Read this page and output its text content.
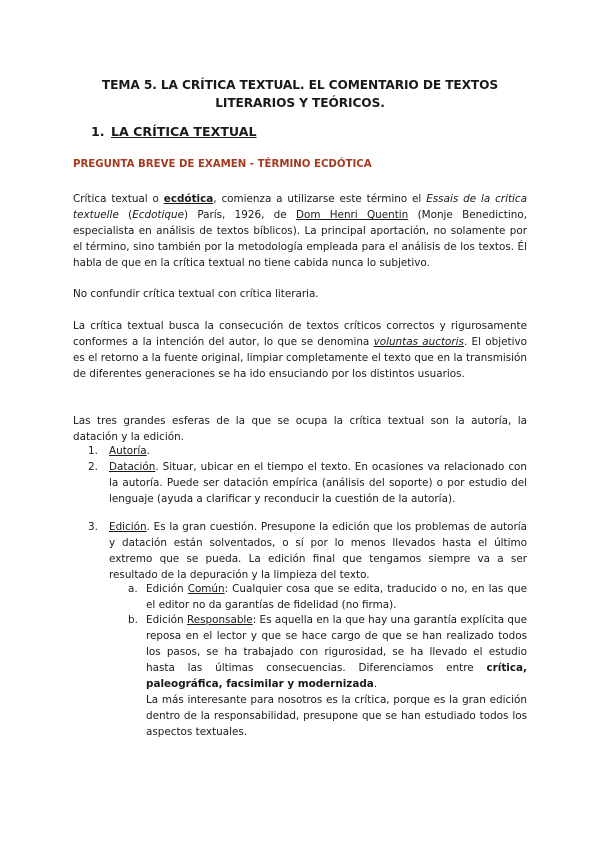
TEMA 5. LA CRÍTICA TEXTUAL. EL COMENTARIO DE TEXTOS
LITERARIOS Y TEÓRICOS.
1. LA CRÍTICA TEXTUAL
PREGUNTA BREVE DE EXAMEN - TÉRMINO ECDÓTICA
Crítica textual o ecdótica, comienza a utilizarse este término el Essais de la critica textuelle (Ecdotique) París, 1926, de Dom Henri Quentin (Monje Benedictino, especialista en análisis de textos bíblicos). La principal aportación, no solamente por el término, sino también por la metodología empleada para el análisis de los textos. Él habla de que en la crítica textual no tiene cabida nunca lo subjetivo.
No confundir crítica textual con crítica literaria.
La crítica textual busca la consecución de textos críticos correctos y rigurosamente conformes a la intención del autor, lo que se denomina voluntas auctoris. El objetivo es el retorno a la fuente original, limpiar completamente el texto que en la transmisión de diferentes generaciones se ha ido ensuciando por los distintos usuarios.
Las tres grandes esferas de la que se ocupa la crítica textual son la autoría, la datación y la edición.
1. Autoría.
2. Datación. Situar, ubicar en el tiempo el texto. En ocasiones va relacionado con la autoría. Puede ser datación empírica (análisis del soporte) o por estudio del lenguaje (ayuda a clarificar y reconducir la cuestión de la autoría).
3. Edición. Es la gran cuestión. Presupone la edición que los problemas de autoría y datación están solventados, o sí por lo menos llevados hasta el último extremo que se pueda. La edición final que tengamos siempre va a ser resultado de la depuración y la limpieza del texto.
a. Edición Común: Cualquier cosa que se edita, traducido o no, en las que el editor no da garantías de fidelidad (no firma).
b. Edición Responsable: Es aquella en la que hay una garantía explícita que reposa en el lector y que se hace cargo de que se han realizado todos los pasos, se ha trabajado con rigurosidad, se ha llevado el estudio hasta las últimas consecuencias. Diferenciamos entre crítica, paleográfica, facsimilar y modernizada.
La más interesante para nosotros es la crítica, porque es la gran edición dentro de la responsabilidad, presupone que se han estudiado todos los aspectos textuales.
